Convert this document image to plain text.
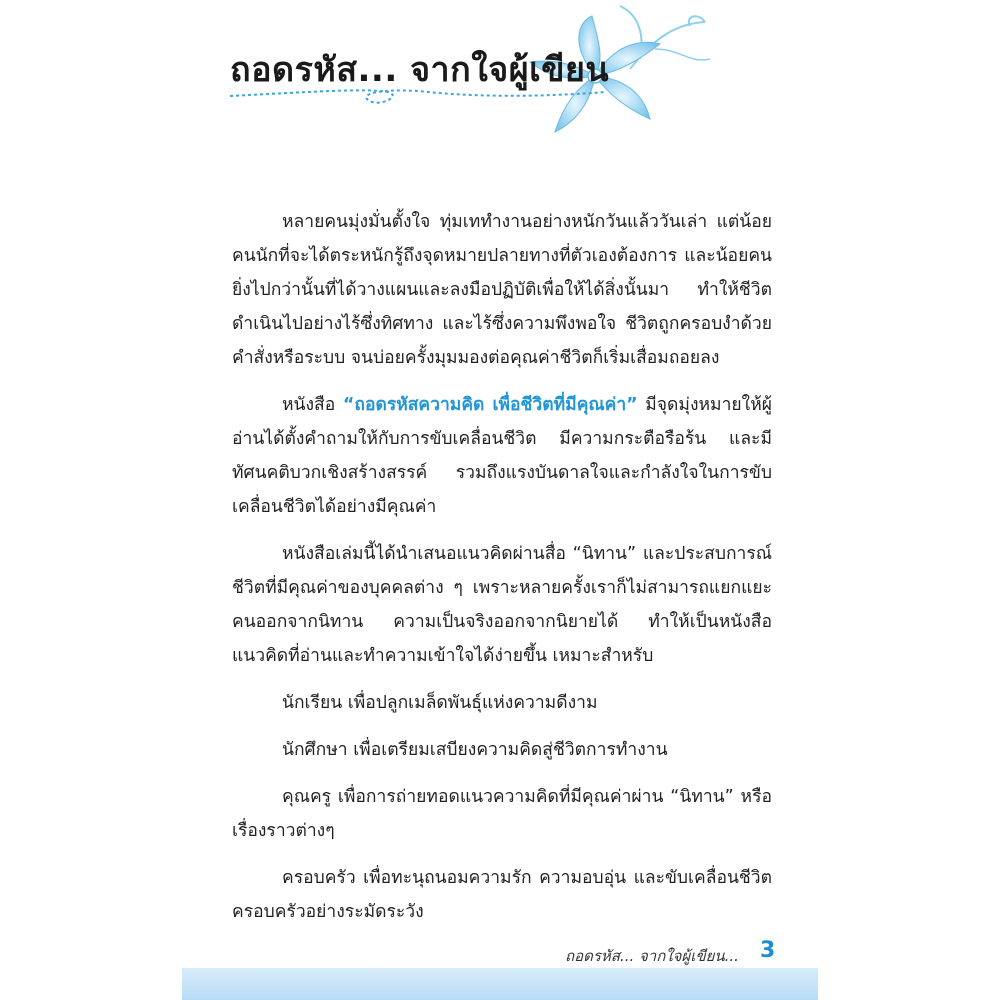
ถอดรหัส... จากใจผู้เขียน

หลายคนมุ่งมั่นตั้งใจ ทุ่มเททำงานอย่างหนักวันแล้ววันเล่า แต่น้อยคนนักที่จะได้ตระหนักรู้ถึงจุดหมายปลายทางที่ตัวเองต้องการ และน้อยคนยิ่งไปกว่านั้นที่ได้วางแผนและลงมือปฏิบัติเพื่อให้ได้สิ่งนั้นมา ทำให้ชีวิตดำเนินไปอย่างไร้ซึ่งทิศทาง และไร้ซึ่งความพึงพอใจ ชีวิตถูกครอบงำด้วยคำสั่งหรือระบบ จนบ่อยครั้งมุมมองต่อคุณค่าชีวิตก็เริ่มเสื่อมถอยลง

หนังสือ “ถอดรหัสความคิด เพื่อชีวิตที่มีคุณค่า” มีจุดมุ่งหมายให้ผู้อ่านได้ตั้งคำถามให้กับการขับเคลื่อนชีวิต มีความกระตือรือร้น และมีทัศนคติบวกเชิงสร้างสรรค์ รวมถึงแรงบันดาลใจและกำลังใจในการขับเคลื่อนชีวิตได้อย่างมีคุณค่า

หนังสือเล่มนี้ได้นำเสนอแนวคิดผ่านสื่อ “นิทาน” และประสบการณ์ชีวิตที่มีคุณค่าของบุคคลต่าง ๆ เพราะหลายครั้งเราก็ไม่สามารถแยกแยะคนออกจากนิทาน ความเป็นจริงออกจากนิยายได้ ทำให้เป็นหนังสือแนวคิดที่อ่านและทำความเข้าใจได้ง่ายขึ้น เหมาะสำหรับ

นักเรียน เพื่อปลูกเมล็ดพันธุ์แห่งความดีงาม

นักศึกษา เพื่อเตรียมเสบียงความคิดสู่ชีวิตการทำงาน

คุณครู เพื่อการถ่ายทอดแนวความคิดที่มีคุณค่าผ่าน “นิทาน” หรือเรื่องราวต่างๆ

ครอบครัว เพื่อทะนุถนอมความรัก ความอบอุ่น และขับเคลื่อนชีวิตครอบครัวอย่างระมัดระวัง

ถอดรหัส... จากใจผู้เขียน... 3
